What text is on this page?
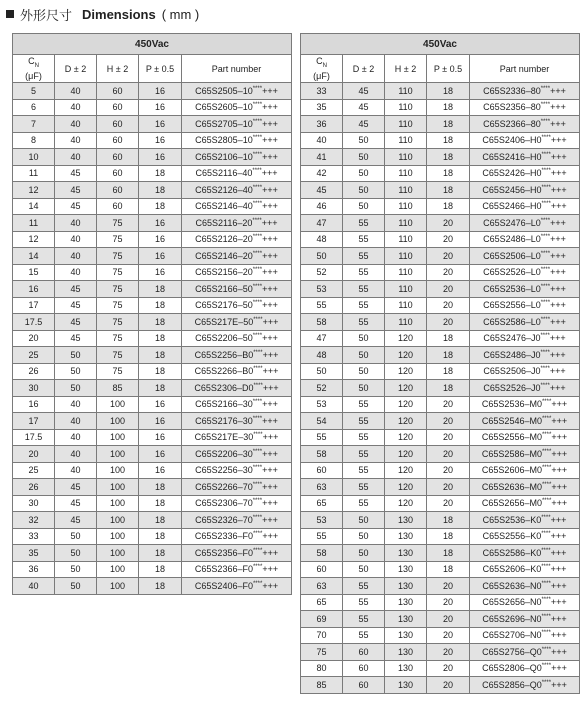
外形尺寸 Dimensions ( mm )
450Vac				
$C_N$
(μF)	D ± 2	H ± 2	P ± 0.5	Part number
5	40	60	16	C65S2505–10****+++
6	40	60	16	C65S2605–10****+++
7	40	60	16	C65S2705–10****+++
8	40	60	16	C65S2805–10****+++
10	40	60	16	C65S2106–10****+++
11	45	60	18	C65S2116–40****+++
12	45	60	18	C65S2126–40****+++
14	45	60	18	C65S2146–40****+++
11	40	75	16	C65S2116–20****+++
12	40	75	16	C65S2126–20****+++
14	40	75	16	C65S2146–20****+++
15	40	75	16	C65S2156–20****+++
16	45	75	18	C65S2166–50****+++
17	45	75	18	C65S2176–50****+++
17.5	45	75	18	C65S217E–50****+++
20	45	75	18	C65S2206–50****+++
25	50	75	18	C65S2256–B0****+++
26	50	75	18	C65S2266–B0****+++
30	50	85	18	C65S2306–D0****+++
16	40	100	16	C65S2166–30****+++
17	40	100	16	C65S2176–30****+++
17.5	40	100	16	C65S217E–30****+++
20	40	100	16	C65S2206–30****+++
25	40	100	16	C65S2256–30****+++
26	45	100	18	C65S2266–70****+++
30	45	100	18	C65S2306–70****+++
32	45	100	18	C65S2326–70****+++
33	50	100	18	C65S2336–F0****+++
35	50	100	18	C65S2356–F0****+++
36	50	100	18	C65S2366–F0****+++
40	50	100	18	C65S2406–F0****+++
450Vac				
$C_N$
(μF)	D ± 2	H ± 2	P ± 0.5	Part number
33	45	110	18	C65S2336–80****+++
35	45	110	18	C65S2356–80****+++
36	45	110	18	C65S2366–80****+++
40	50	110	18	C65S2406–H0****+++
41	50	110	18	C65S2416–H0****+++
42	50	110	18	C65S2426–H0****+++
45	50	110	18	C65S2456–H0****+++
46	50	110	18	C65S2466–H0****+++
47	55	110	20	C65S2476–L0****+++
48	55	110	20	C65S2486–L0****+++
50	55	110	20	C65S2506–L0****+++
52	55	110	20	C65S2526–L0****+++
53	55	110	20	C65S2536–L0****+++
55	55	110	20	C65S2556–L0****+++
58	55	110	20	C65S2586–L0****+++
47	50	120	18	C65S2476–J0****+++
48	50	120	18	C65S2486–J0****+++
50	50	120	18	C65S2506–J0****+++
52	50	120	18	C65S2526–J0****+++
53	55	120	20	C65S2536–M0****+++
54	55	120	20	C65S2546–M0****+++
55	55	120	20	C65S2556–M0****+++
58	55	120	20	C65S2586–M0****+++
60	55	120	20	C65S2606–M0****+++
63	55	120	20	C65S2636–M0****+++
65	55	120	20	C65S2656–M0****+++
53	50	130	18	C65S2536–K0****+++
55	50	130	18	C65S2556–K0****+++
58	50	130	18	C65S2586–K0****+++
60	50	130	18	C65S2606–K0****+++
63	55	130	20	C65S2636–N0****+++
65	55	130	20	C65S2656–N0****+++
69	55	130	20	C65S2696–N0****+++
70	55	130	20	C65S2706–N0****+++
75	60	130	20	C65S2756–Q0****+++
80	60	130	20	C65S2806–Q0****+++
85	60	130	20	C65S2856–Q0****+++
